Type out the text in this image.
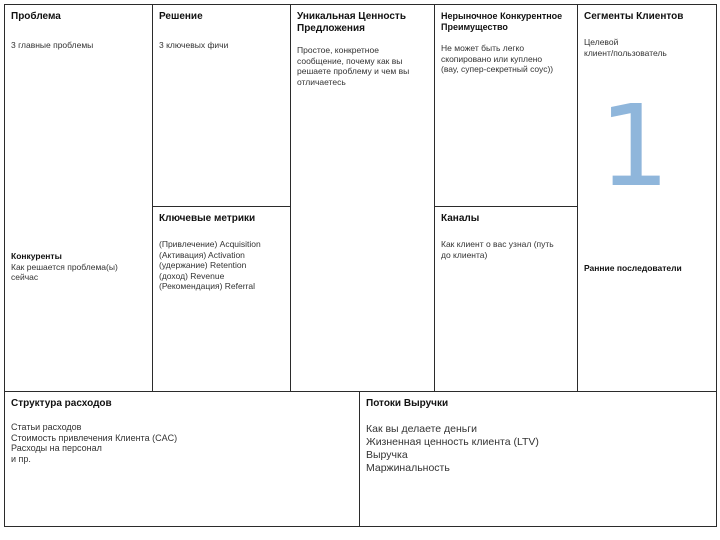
Проблема
3 главные проблемы
Конкуренты
Как решается проблема(ы)
сейчас
Решение
3 ключевых фичи
Ключевые метрики
(Привлечение) Acquisition
(Активация) Activation
(удержание) Retention
(доход) Revenue
(Рекомендация) Referral
Уникальная Ценность Предложения
Простое, конкретное
сообщение, почему как вы
решаете проблему и чем вы
отличаетесь
Нерыночное Конкурентное Преимущество
Не может быть легко
скопировано или куплено
(вау, супер-секретный соус))
Каналы
Как клиент о вас узнал (путь
до клиента)
Сегменты Клиентов
Целевой
клиент/пользователь
1
Ранние последователи
Структура расходов
Статьи расходов
Стоимость привлечения Клиента (CAC)
Расходы на персонал
и пр.
Потоки Выручки
Как вы делаете деньги
Жизненная ценность клиента (LTV)
Выручка
Маржинальность
